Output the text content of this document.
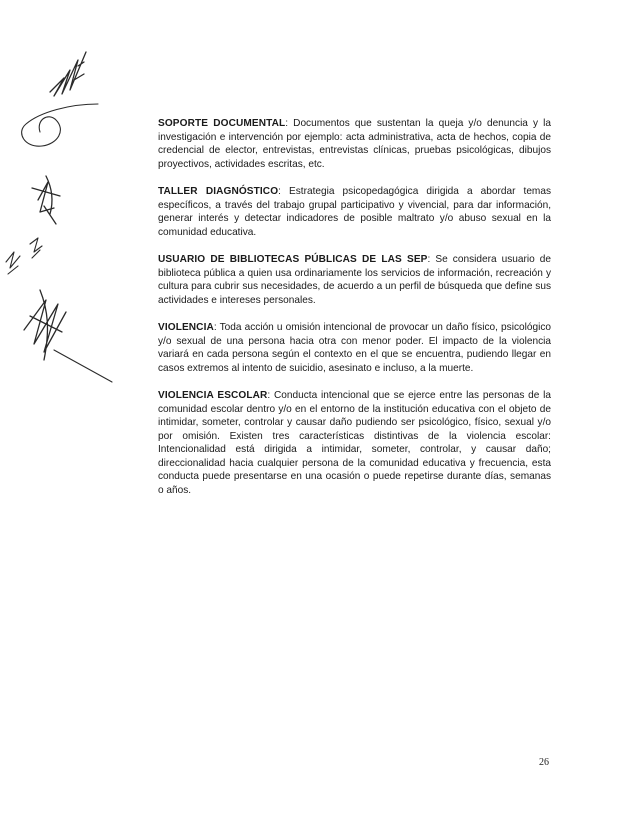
SOPORTE DOCUMENTAL: Documentos que sustentan la queja y/o denuncia y la investigación e intervención por ejemplo: acta administrativa, acta de hechos, copia de credencial de elector, entrevistas, entrevistas clínicas, pruebas psicológicas, dibujos proyectivos, actividades escritas, etc.

TALLER DIAGNÓSTICO: Estrategia psicopedagógica dirigida a abordar temas específicos, a través del trabajo grupal participativo y vivencial, para dar información, generar interés y detectar indicadores de posible maltrato y/o abuso sexual en la comunidad educativa.

USUARIO DE BIBLIOTECAS PÚBLICAS DE LAS SEP: Se considera usuario de biblioteca pública a quien usa ordinariamente los servicios de información, recreación y cultura para cubrir sus necesidades, de acuerdo a un perfil de búsqueda que define sus actividades e intereses personales.

VIOLENCIA: Toda acción u omisión intencional de provocar un daño físico, psicológico y/o sexual de una persona hacia otra con menor poder. El impacto de la violencia variará en cada persona según el contexto en el que se encuentra, pudiendo llegar en casos extremos al intento de suicidio, asesinato e incluso, a la muerte.

VIOLENCIA ESCOLAR: Conducta intencional que se ejerce entre las personas de la comunidad escolar dentro y/o en el entorno de la institución educativa con el objeto de intimidar, someter, controlar y causar daño pudiendo ser psicológico, físico, sexual y/o por omisión. Existen tres características distintivas de la violencia escolar: Intencionalidad está dirigida a intimidar, someter, controlar, y causar daño; direccionalidad hacia cualquier persona de la comunidad educativa y frecuencia, esta conducta puede presentarse en una ocasión o puede repetirse durante días, semanas o años.

26
